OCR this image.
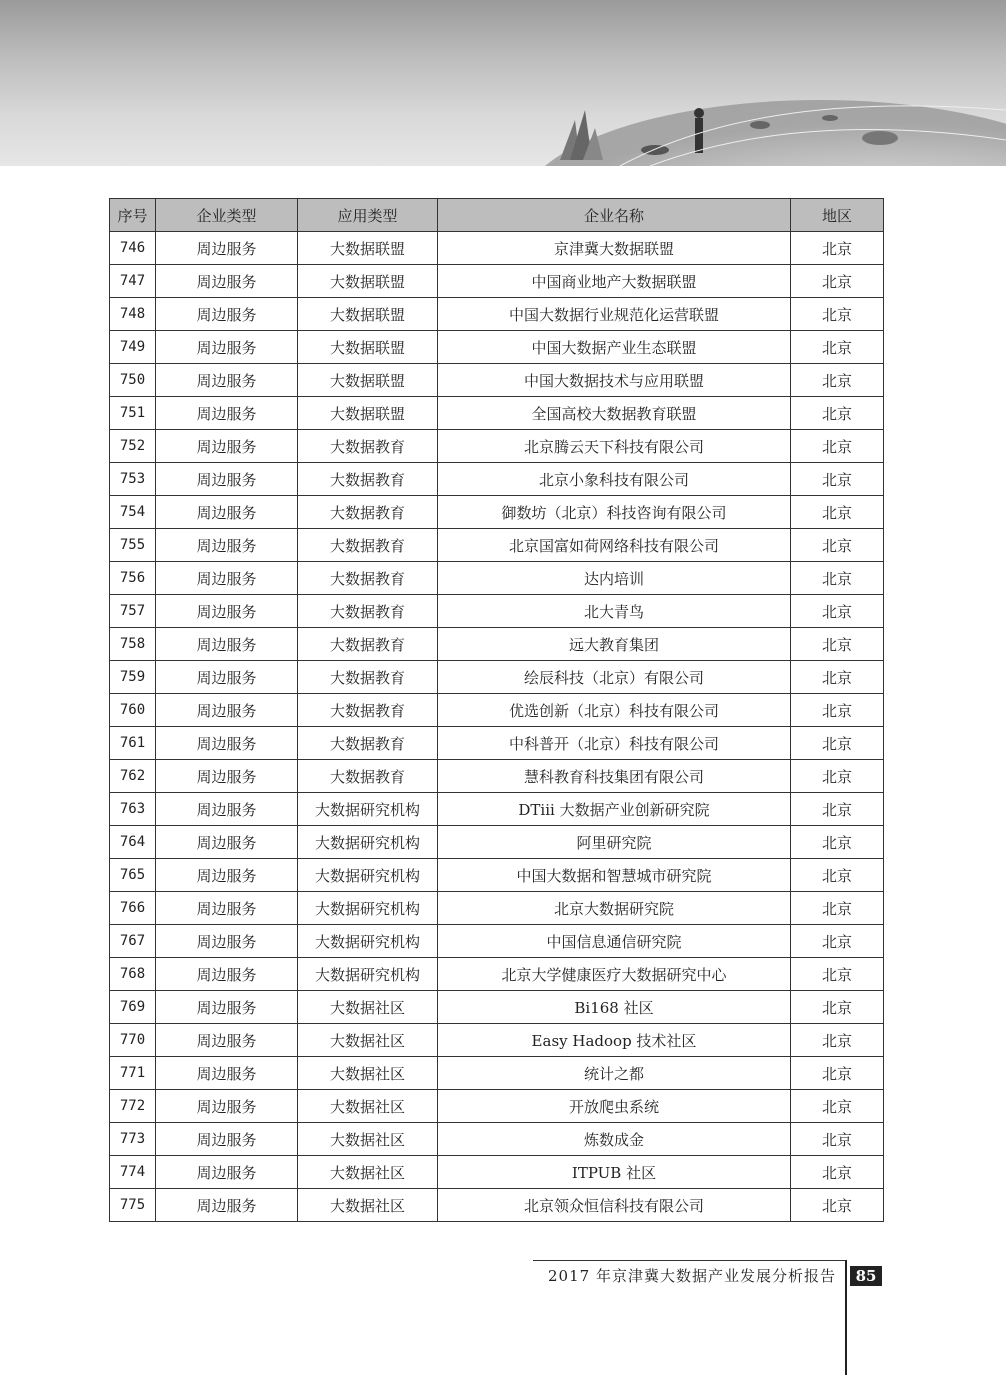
序号	企业类型	应用类型	企业名称	地区
746	周边服务	大数据联盟	京津冀大数据联盟	北京
747	周边服务	大数据联盟	中国商业地产大数据联盟	北京
748	周边服务	大数据联盟	中国大数据行业规范化运营联盟	北京
749	周边服务	大数据联盟	中国大数据产业生态联盟	北京
750	周边服务	大数据联盟	中国大数据技术与应用联盟	北京
751	周边服务	大数据联盟	全国高校大数据教育联盟	北京
752	周边服务	大数据教育	北京腾云天下科技有限公司	北京
753	周边服务	大数据教育	北京小象科技有限公司	北京
754	周边服务	大数据教育	御数坊（北京）科技咨询有限公司	北京
755	周边服务	大数据教育	北京国富如荷网络科技有限公司	北京
756	周边服务	大数据教育	达内培训	北京
757	周边服务	大数据教育	北大青鸟	北京
758	周边服务	大数据教育	远大教育集团	北京
759	周边服务	大数据教育	绘辰科技（北京）有限公司	北京
760	周边服务	大数据教育	优选创新（北京）科技有限公司	北京
761	周边服务	大数据教育	中科普开（北京）科技有限公司	北京
762	周边服务	大数据教育	慧科教育科技集团有限公司	北京
763	周边服务	大数据研究机构	DTiii 大数据产业创新研究院	北京
764	周边服务	大数据研究机构	阿里研究院	北京
765	周边服务	大数据研究机构	中国大数据和智慧城市研究院	北京
766	周边服务	大数据研究机构	北京大数据研究院	北京
767	周边服务	大数据研究机构	中国信息通信研究院	北京
768	周边服务	大数据研究机构	北京大学健康医疗大数据研究中心	北京
769	周边服务	大数据社区	Bi168 社区	北京
770	周边服务	大数据社区	Easy Hadoop 技术社区	北京
771	周边服务	大数据社区	统计之都	北京
772	周边服务	大数据社区	开放爬虫系统	北京
773	周边服务	大数据社区	炼数成金	北京
774	周边服务	大数据社区	ITPUB 社区	北京
775	周边服务	大数据社区	北京领众恒信科技有限公司	北京
2017 年京津冀大数据产业发展分析报告	85
